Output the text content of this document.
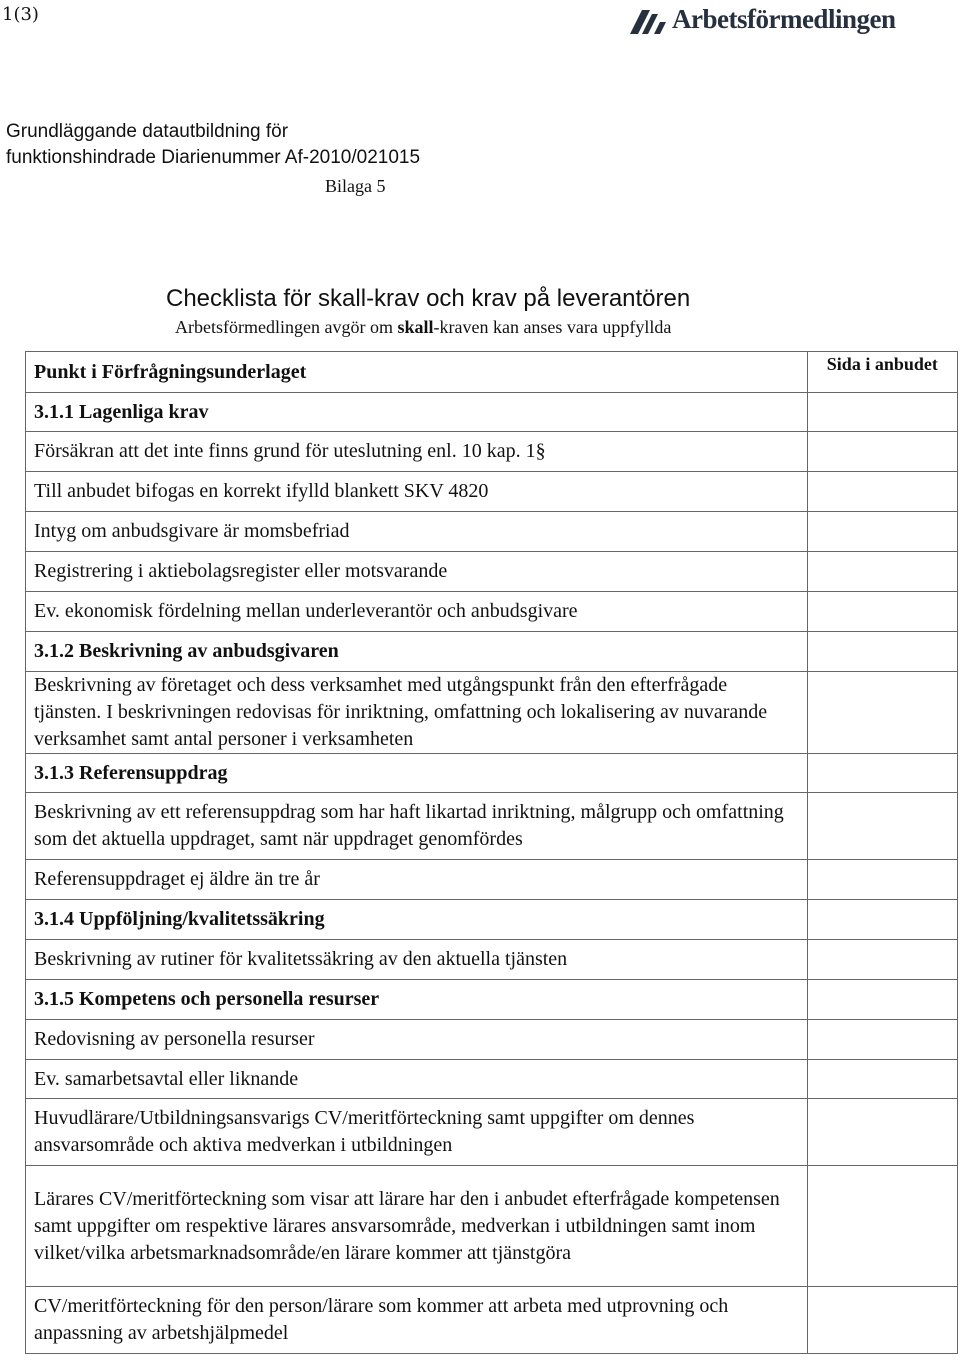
1(3)	Arbetsförmedlingen
Grundläggande datautbildning för
funktionshindrade Diarienummer Af-2010/021015
Bilaga 5
Checklista för skall-krav och krav på leverantören
Arbetsförmedlingen avgör om skall-kraven kan anses vara uppfyllda
Punkt i Förfrågningsunderlaget	Sida i anbudet
3.1.1 Lagenliga krav	
Försäkran att det inte finns grund för uteslutning enl. 10 kap. 1§	
Till anbudet bifogas en korrekt ifylld blankett SKV 4820	
Intyg om anbudsgivare är momsbefriad	
Registrering i aktiebolagsregister eller motsvarande	
Ev. ekonomisk fördelning mellan underleverantör och anbudsgivare	
3.1.2 Beskrivning av anbudsgivaren	
Beskrivning av företaget och dess verksamhet med utgångspunkt från den efterfrågade tjänsten. I beskrivningen redovisas för inriktning, omfattning och lokalisering av nuvarande verksamhet samt antal personer i verksamheten	
3.1.3 Referensuppdrag	
Beskrivning av ett referensuppdrag som har haft likartad inriktning, målgrupp och omfattning som det aktuella uppdraget, samt när uppdraget genomfördes	
Referensuppdraget ej äldre än tre år	
3.1.4 Uppföljning/kvalitetssäkring	
Beskrivning av rutiner för kvalitetssäkring av den aktuella tjänsten	
3.1.5 Kompetens och personella resurser	
Redovisning av personella resurser	
Ev. samarbetsavtal eller liknande	
Huvudlärare/Utbildningsansvarigs CV/meritförteckning samt uppgifter om dennes ansvarsområde och aktiva medverkan i utbildningen	
Lärares CV/meritförteckning som visar att lärare har den i anbudet efterfrågade kompetensen samt uppgifter om respektive lärares ansvarsområde, medverkan i utbildningen samt inom vilket/vilka arbetsmarknadsområde/en lärare kommer att tjänstgöra	
CV/meritförteckning för den person/lärare som kommer att arbeta med utprovning och anpassning av arbetshjälpmedel	
